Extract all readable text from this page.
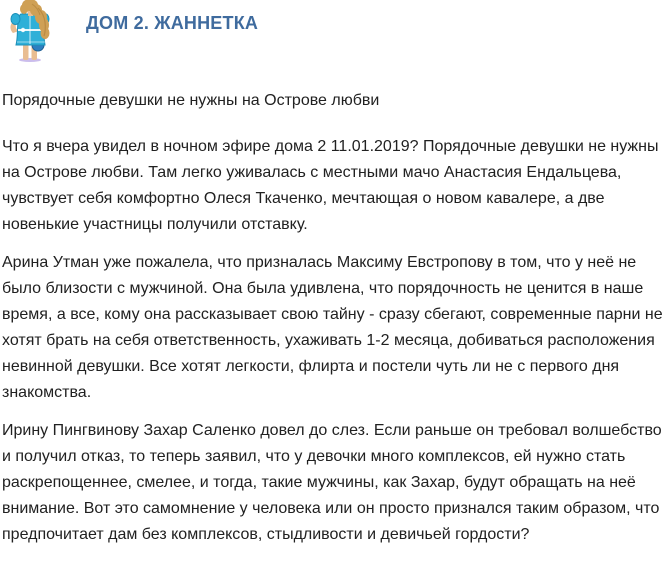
ДОМ 2. ЖАННЕТКА

Порядочные девушки не нужны на Острове любви

Что я вчера увидел в ночном эфире дома 2 11.01.2019? Порядочные девушки не нужны на Острове любви. Там легко уживалась с местными мачо Анастасия Ендальцева, чувствует себя комфортно Олеся Ткаченко, мечтающая о новом кавалере, а две новенькие участницы получили отставку.

Арина Утман уже пожалела, что призналась Максиму Евстропову в том, что у неё не было близости с мужчиной. Она была удивлена, что порядочность не ценится в наше время, а все, кому она рассказывает свою тайну - сразу сбегают, современные парни не хотят брать на себя ответственность, ухаживать 1-2 месяца, добиваться расположения невинной девушки. Все хотят легкости, флирта и постели чуть ли не с первого дня знакомства.

Ирину Пингвинову Захар Саленко довел до слез. Если раньше он требовал волшебство и получил отказ, то теперь заявил, что у девочки много комплексов, ей нужно стать раскрепощеннее, смелее, и тогда, такие мужчины, как Захар, будут обращать на неё внимание. Вот это самомнение у человека или он просто признался таким образом, что предпочитает дам без комплексов, стыдливости и девичьей гордости?
